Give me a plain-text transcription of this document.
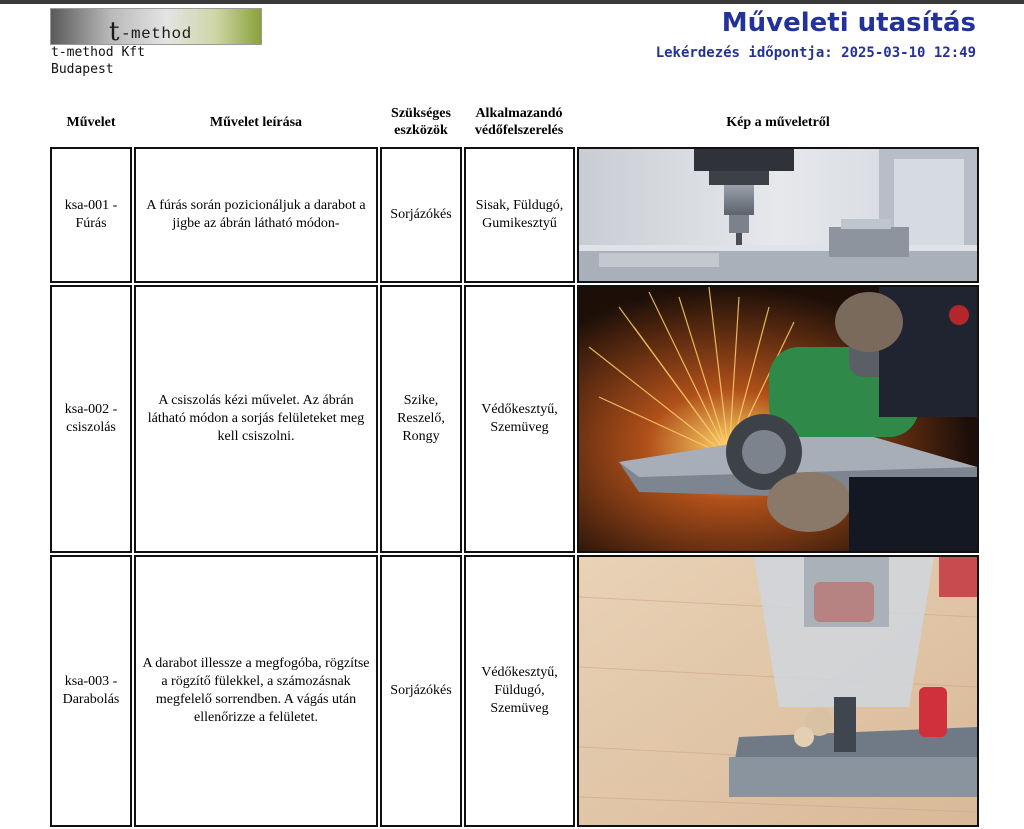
t-method
t-method Kft
Budapest
Műveleti utasítás
Lekérdezés időpontja: 2025-03-10 12:49
Művelet	Művelet leírása
Szükséges eszközök
Alkalmazandó védőfelszerelés
Kép a műveletről
ksa-001 - Fúrás
A fúrás során pozicionáljuk a darabot a jigbe az ábrán látható módon-
Sorjázókés
Sisak, Füldugó, Gumikesztyű
ksa-002 - csiszolás
A csiszolás kézi művelet. Az ábrán látható módon a sorjás felületeket meg kell csiszolni.
Szike, Reszelő, Rongy
Védőkesztyű, Szemüveg
ksa-003 - Darabolás
A darabot illessze a megfogóba, rögzítse a rögzítő fülekkel, a számozásnak megfelelő sorrendben. A vágás után ellenőrizze a felületet.
Sorjázókés
Védőkesztyű, Füldugó, Szemüveg
